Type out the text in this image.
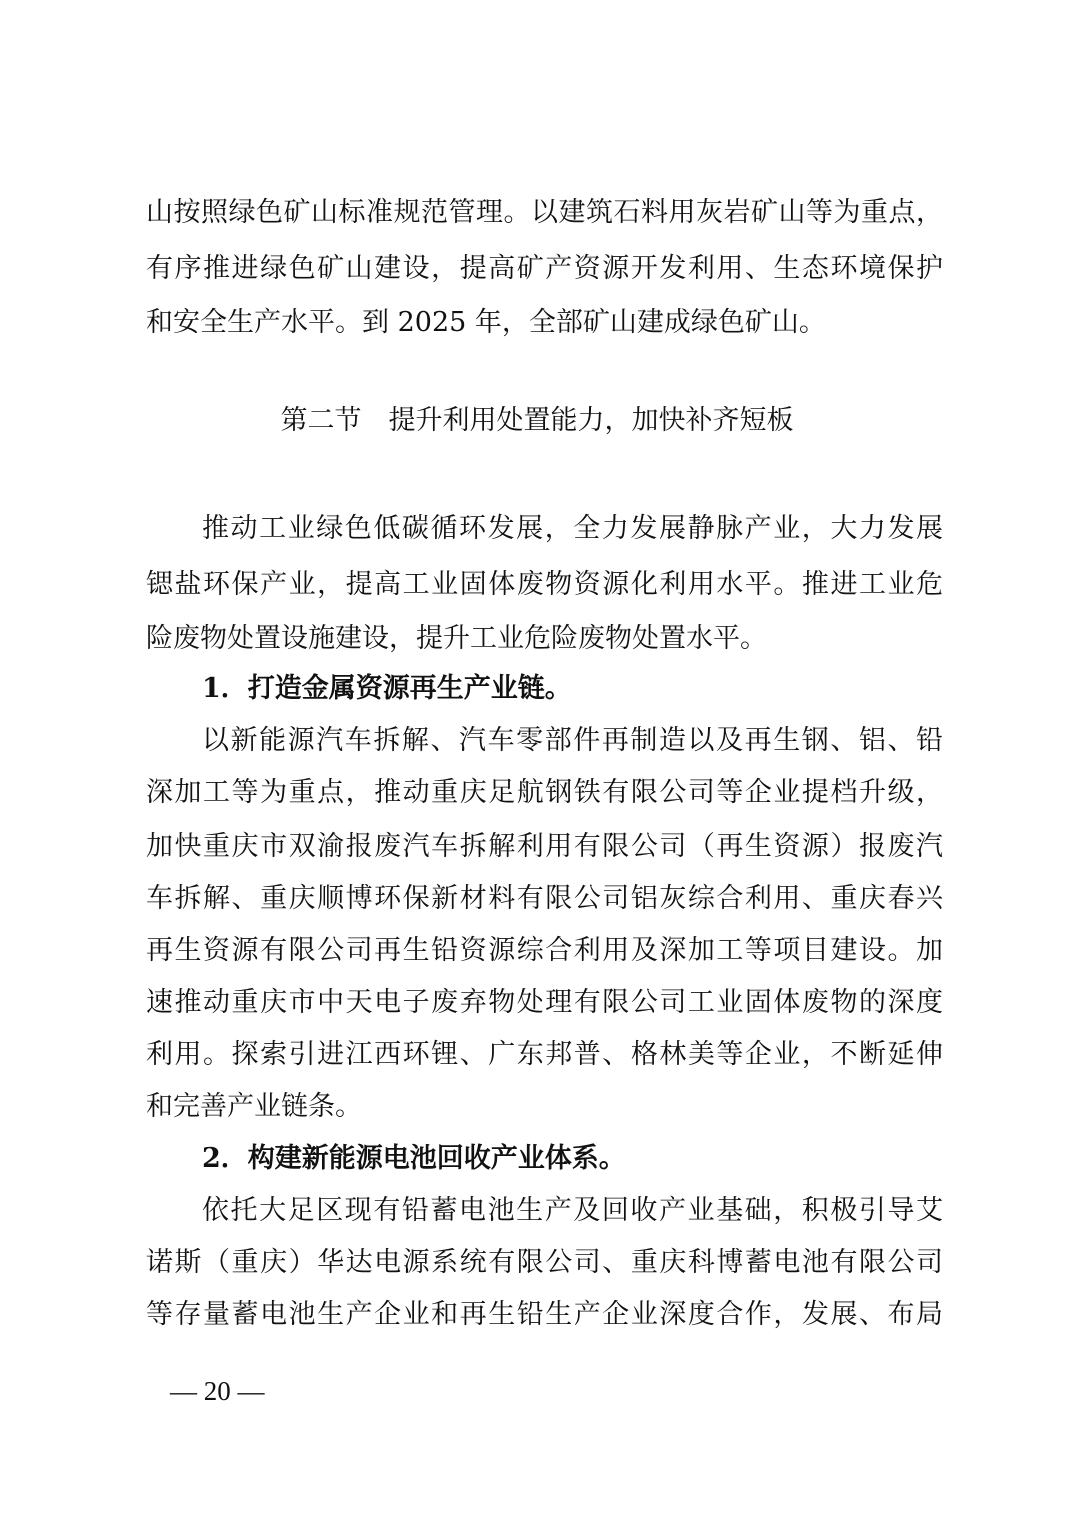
山按照绿色矿山标准规范管理。以建筑石料用灰岩矿山等为重点，
有序推进绿色矿山建设，提高矿产资源开发利用、生态环境保护
和安全生产水平。到 2025 年，全部矿山建成绿色矿山。
第二节　提升利用处置能力，加快补齐短板
推动工业绿色低碳循环发展，全力发展静脉产业，大力发展
锶盐环保产业，提高工业固体废物资源化利用水平。推进工业危
险废物处置设施建设，提升工业危险废物处置水平。
1．打造金属资源再生产业链。
以新能源汽车拆解、汽车零部件再制造以及再生钢、铝、铅
深加工等为重点，推动重庆足航钢铁有限公司等企业提档升级，
加快重庆市双渝报废汽车拆解利用有限公司（再生资源）报废汽
车拆解、重庆顺博环保新材料有限公司铝灰综合利用、重庆春兴
再生资源有限公司再生铅资源综合利用及深加工等项目建设。加
速推动重庆市中天电子废弃物处理有限公司工业固体废物的深度
利用。探索引进江西环锂、广东邦普、格林美等企业，不断延伸
和完善产业链条。
2．构建新能源电池回收产业体系。
依托大足区现有铅蓄电池生产及回收产业基础，积极引导艾
诺斯（重庆）华达电源系统有限公司、重庆科博蓄电池有限公司
等存量蓄电池生产企业和再生铅生产企业深度合作，发展、布局
— 20 —
